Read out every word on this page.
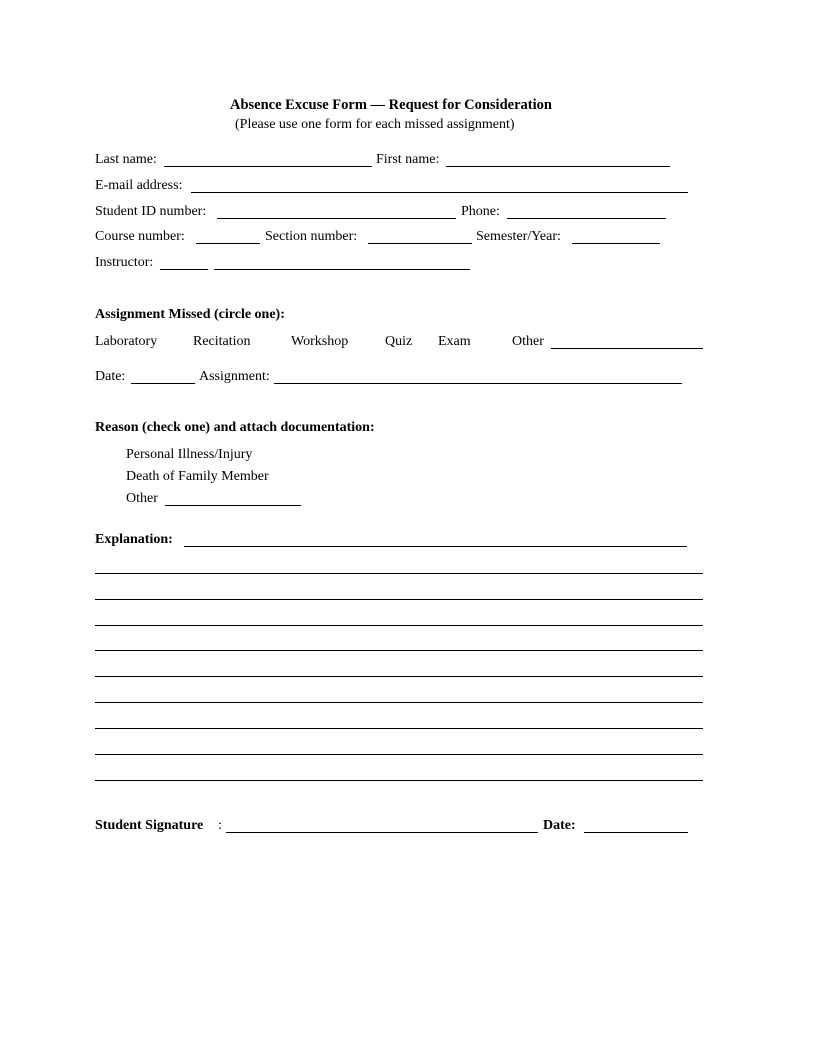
Absence Excuse Form — Request for Consideration
(Please use one form for each missed assignment)
Last name:	First name:
E-mail address:
Student ID number:	Phone:
Course number:	Section number:	Semester/Year:
Instructor:
Assignment Missed (circle one):
Laboratory	Recitation	Workshop	Quiz Exam	Other
Date:	Assignment:
Reason (check one) and attach documentation:
Personal Illness/Injury
Death of Family Member
Other
Explanation:
Student Signature :	Date:
